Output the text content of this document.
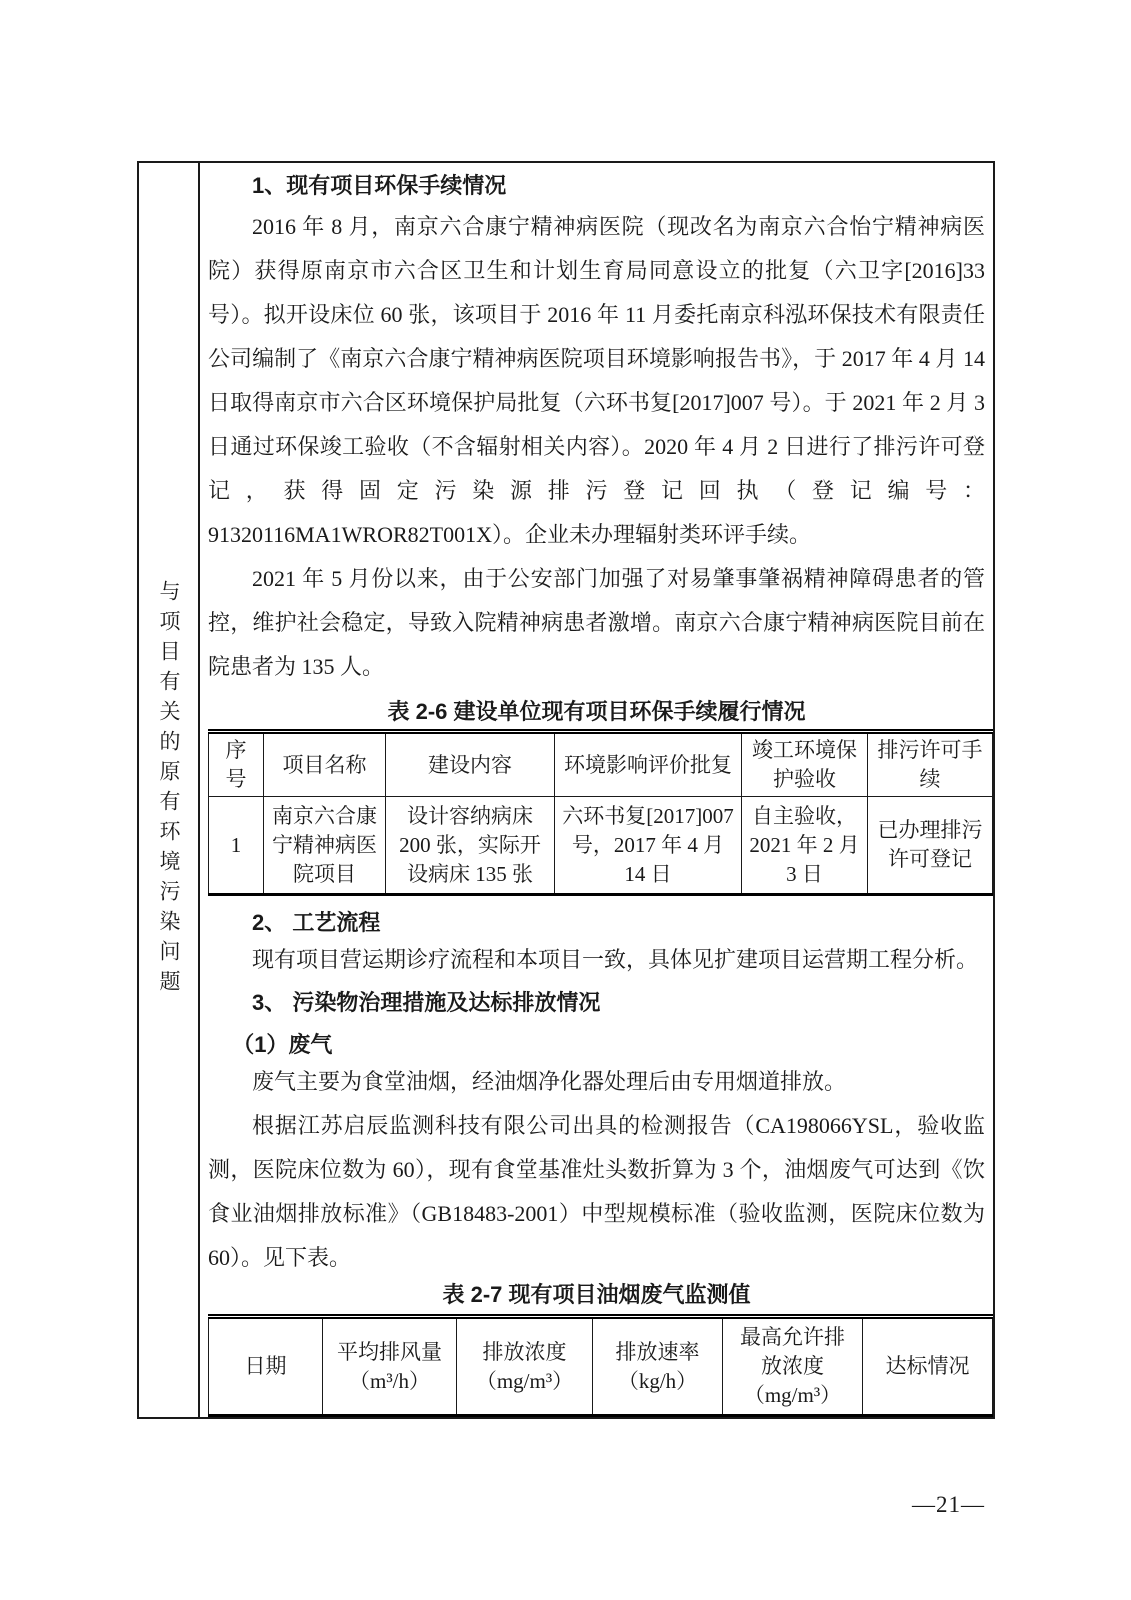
与项目有关的原有环境污染问题
1、现有项目环保手续情况

2016 年 8 月，南京六合康宁精神病医院（现改名为南京六合怡宁精神病医院）获得原南京市六合区卫生和计划生育局同意设立的批复（六卫字[2016]33 号）。拟开设床位 60 张，该项目于 2016 年 11 月委托南京科泓环保技术有限责任公司编制了《南京六合康宁精神病医院项目环境影响报告书》，于 2017 年 4 月 14 日取得南京市六合区环境保护局批复（六环书复[2017]007 号）。于 2021 年 2 月 3 日通过环保竣工验收（不含辐射相关内容）。2020 年 4 月 2 日进行了排污许可登记，获得固定污染源排污登记回执（登记编号：91320116MA1WROR82T001X）。企业未办理辐射类环评手续。

2021 年 5 月份以来，由于公安部门加强了对易肇事肇祸精神障碍患者的管控，维护社会稳定，导致入院精神病患者激增。南京六合康宁精神病医院目前在院患者为 135 人。

表 2-6 建设单位现有项目环保手续履行情况
序号	项目名称	建设内容	环境影响评价批复	竣工环境保护验收	排污许可手续
1	南京六合康宁精神病医院项目	设计容纳病床 200 张，实际开设病床 135 张	六环书复[2017]007 号，2017 年 4 月 14 日	自主验收，2021 年 2 月 3 日	已办理排污许可登记
2、 工艺流程

现有项目营运期诊疗流程和本项目一致，具体见扩建项目运营期工程分析。

3、 污染物治理措施及达标排放情况
（1）废气

废气主要为食堂油烟，经油烟净化器处理后由专用烟道排放。

根据江苏启辰监测科技有限公司出具的检测报告（CA198066YSL，验收监测，医院床位数为 60），现有食堂基准灶头数折算为 3 个，油烟废气可达到《饮食业油烟排放标准》（GB18483-2001）中型规模标准（验收监测，医院床位数为 60）。见下表。

表 2-7 现有项目油烟废气监测值
日期	平均排风量（m³/h）	排放浓度（mg/m³）	排放速率（kg/h）	最高允许排放浓度（mg/m³）	达标情况
—21—
